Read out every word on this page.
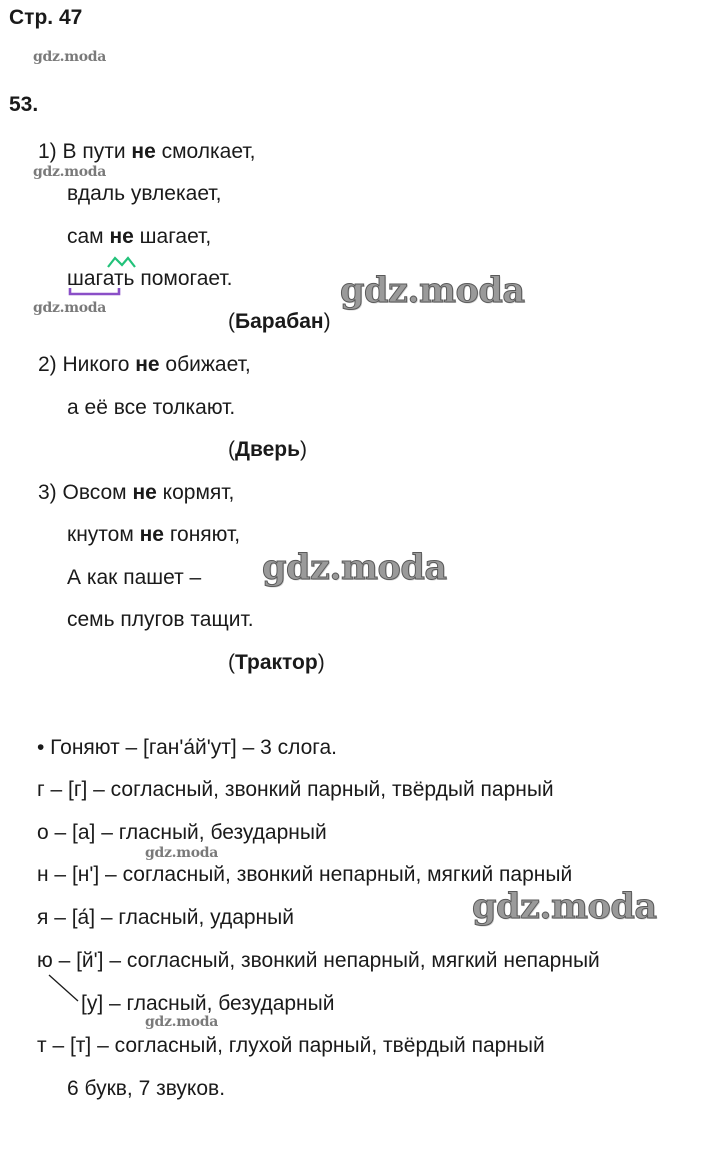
Стр. 47
gdz.moda
53.
1) В пути не смолкает,
gdz.moda
вдаль увлекает,
сам не шагает,
шагать помогает.	gdz.moda
gdz.moda
(Барабан)
2) Никого не обижает,
а её все толкают.
(Дверь)
3) Овсом не кормят,
кнутом не гоняют,
А как пашет – gdz.moda
семь плугов тащит.
(Трактор)
• Гоняют – [ган'а́й'ут] – 3 слога.
г – [г] – согласный, звонкий парный, твёрдый парный
о – [а] – гласный, безударный
gdz.moda
н – [н'] – согласный, звонкий непарный, мягкий парный
я – [а́] – гласный, ударный	gdz.moda
ю – [й'] – согласный, звонкий непарный, мягкий непарный
[у] – гласный, безударный
gdz.moda
т – [т] – согласный, глухой парный, твёрдый парный
6 букв, 7 звуков.
